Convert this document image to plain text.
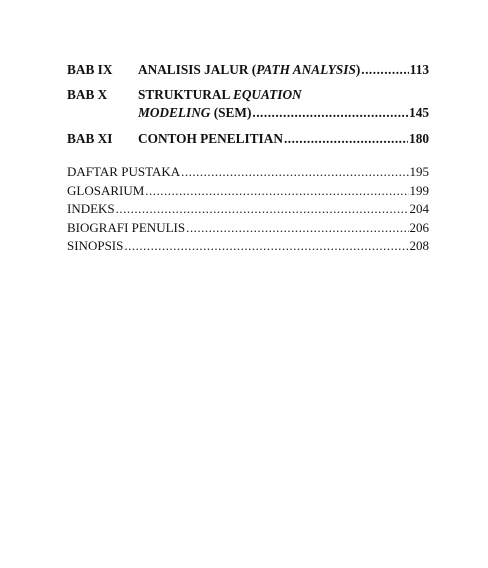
BAB IX	ANALISIS JALUR (PATH ANALYSIS) .....	113
BAB X	STRUKTURAL EQUATION
MODELING (SEM) .....	145
BAB XI	CONTOH PENELITIAN .....	180
DAFTAR PUSTAKA .....	195
GLOSARIUM .....	199
INDEKS .....	204
BIOGRAFI PENULIS .....	206
SINOPSIS .....	208
